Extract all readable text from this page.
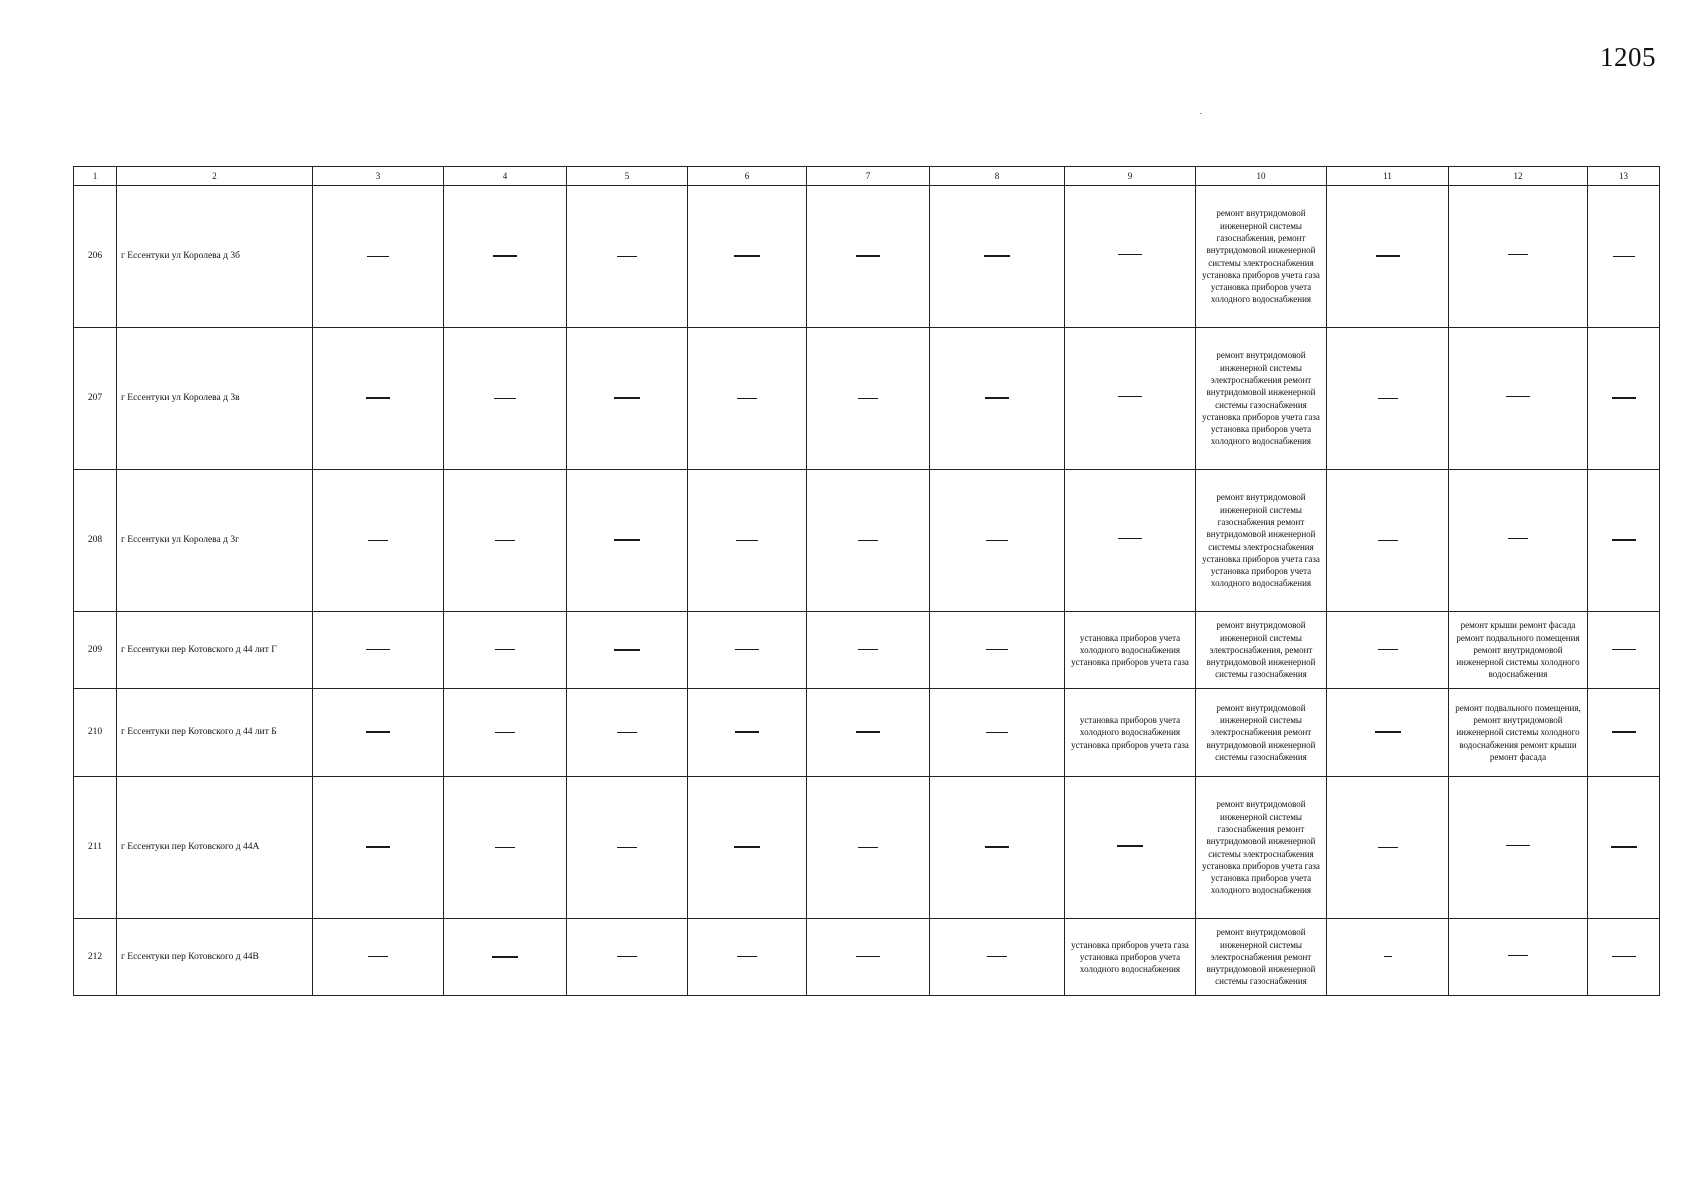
1205
1	2	3	4	5	6	7	8	9	10	11	12	13
206	г Ессентуки ул Королева д 3б								ремонт внутридомовой инженерной системы газоснабжения, ремонт внутридомовой инженерной системы электроснабжения установка приборов учета газа установка приборов учета холодного водоснабжения			
207	г Ессентуки ул Королева д 3в								ремонт внутридомовой инженерной системы электроснабжения ремонт внутридомовой инженерной системы газоснабжения установка приборов учета газа установка приборов учета холодного водоснабжения			
208	г Ессентуки ул Королева д 3г								ремонт внутридомовой инженерной системы газоснабжения ремонт внутридомовой инженерной системы электроснабжения установка приборов учета газа установка приборов учета холодного водоснабжения			
209	г Ессентуки пер Котовского д 44 лит Г							установка приборов учета холодного водоснабжения установка приборов учета газа	ремонт внутридомовой инженерной системы электроснабжения, ремонт внутридомовой инженерной системы газоснабжения		ремонт крыши ремонт фасада ремонт подвального помещения ремонт внутридомовой инженерной системы холодного водоснабжения	
210	г Ессентуки пер Котовского д 44 лит Б							установка приборов учета холодного водоснабжения установка приборов учета газа	ремонт внутридомовой инженерной системы электроснабжения ремонт внутридомовой инженерной системы газоснабжения		ремонт подвального помещения, ремонт внутридомовой инженерной системы холодного водоснабжения ремонт крыши ремонт фасада	
211	г Ессентуки пер Котовского д 44А								ремонт внутридомовой инженерной системы газоснабжения ремонт внутридомовой инженерной системы электроснабжения установка приборов учета газа установка приборов учета холодного водоснабжения			
212	г Ессентуки пер Котовского д 44В							установка приборов учета газа установка приборов учета холодного водоснабжения	ремонт внутридомовой инженерной системы электроснабжения ремонт внутридомовой инженерной системы газоснабжения			
